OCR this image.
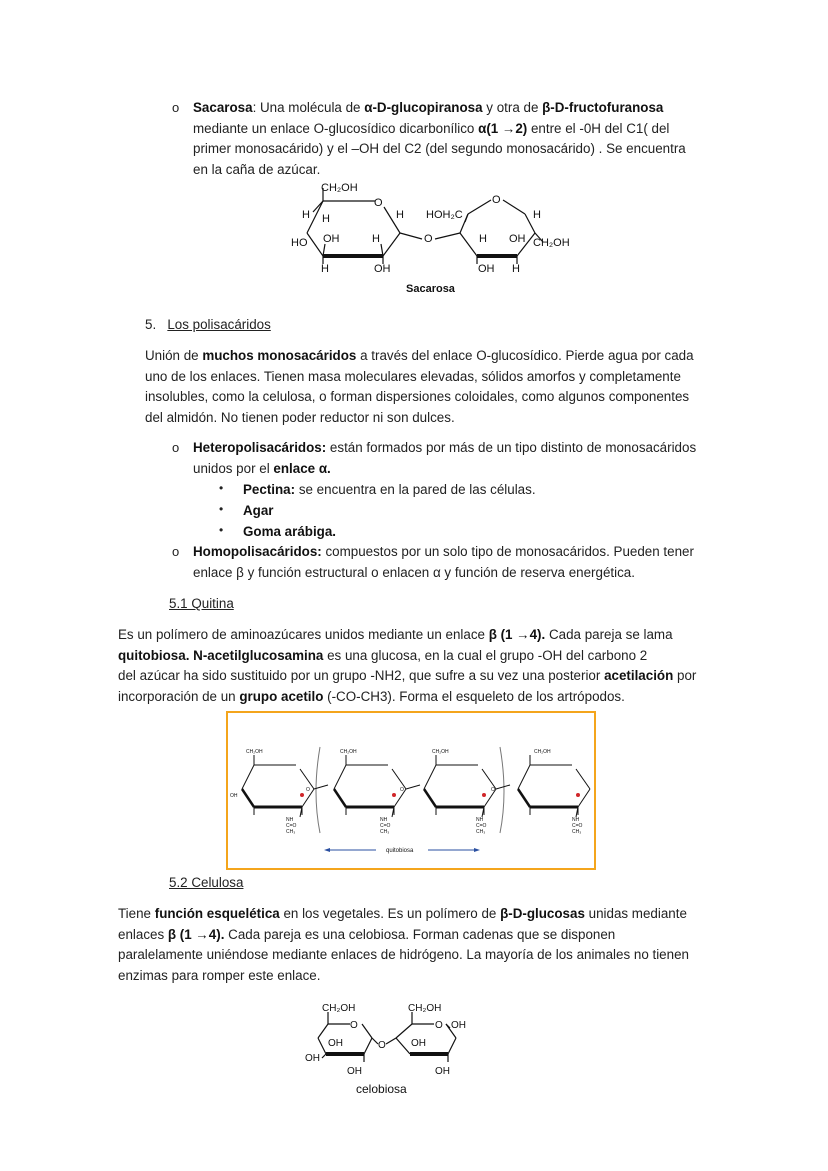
o Sacarosa: Una molécula de α-D-glucopiranosa y otra de β-D-fructofuranosa
mediante un enlace O-glucosídico dicarbonílico α(1 →2) entre el -0H del C1( del
primer monosacárido) y el –OH del C2 (del segundo monosacárido) . Se encuentra
en la caña de azúcar.

CH₂OH
O
H H	H
OH	H
HO
H	OH
O
HOH₂C
O
H
H OH CH₂OH
OH H
Sacarosa

5. Los polisacáridos

Unión de muchos monosacáridos a través del enlace O-glucosídico. Pierde agua por cada
uno de los enlaces. Tienen masa moleculares elevadas, sólidos amorfos y completamente
insolubles, como la celulosa, o forman dispersiones coloidales, como algunos componentes
del almidón. No tienen poder reductor ni son dulces.

o Heteropolisacáridos: están formados por más de un tipo distinto de monosacáridos
unidos por el enlace α.

• Pectina: se encuentra en la pared de las células.

• Agar

• Goma arábiga.

o Homopolisacáridos: compuestos por un solo tipo de monosacáridos. Pueden tener
enlace β y función estructural o enlacen α y función de reserva energética.

5.1 Quitina

Es un polímero de aminoazúcares unidos mediante un enlace β (1 →4). Cada pareja se lama
quitobiosa. N-acetilglucosamina es una glucosa, en la cual el grupo -OH del carbono 2
del azúcar ha sido sustituido por un grupo -NH2, que sufre a su vez una posterior acetilación por
incorporación de un grupo acetilo (-CO-CH3). Forma el esqueleto de los artrópodos.

CH₂OH	CH₂OH	CH₂OH	CH₂OH
O	O	O
OH
NH
C=O
CH₃
NH
C=O
CH₃
NH
C=O
CH₃
NH
C=O
CH₃
quitobiosa

5.2 Celulosa

Tiene función esquelética en los vegetales. Es un polímero de β-D-glucosas unidas mediante
enlaces β (1 →4). Cada pareja es una celobiosa. Forman cadenas que se disponen
paralelamente uniéndose mediante enlaces de hidrógeno. La mayoría de los animales no tienen
enzimas para romper este enlace.

CH₂OH	CH₂OH
O	O OH
OH	OH
O
OH
OH	OH
celobiosa
